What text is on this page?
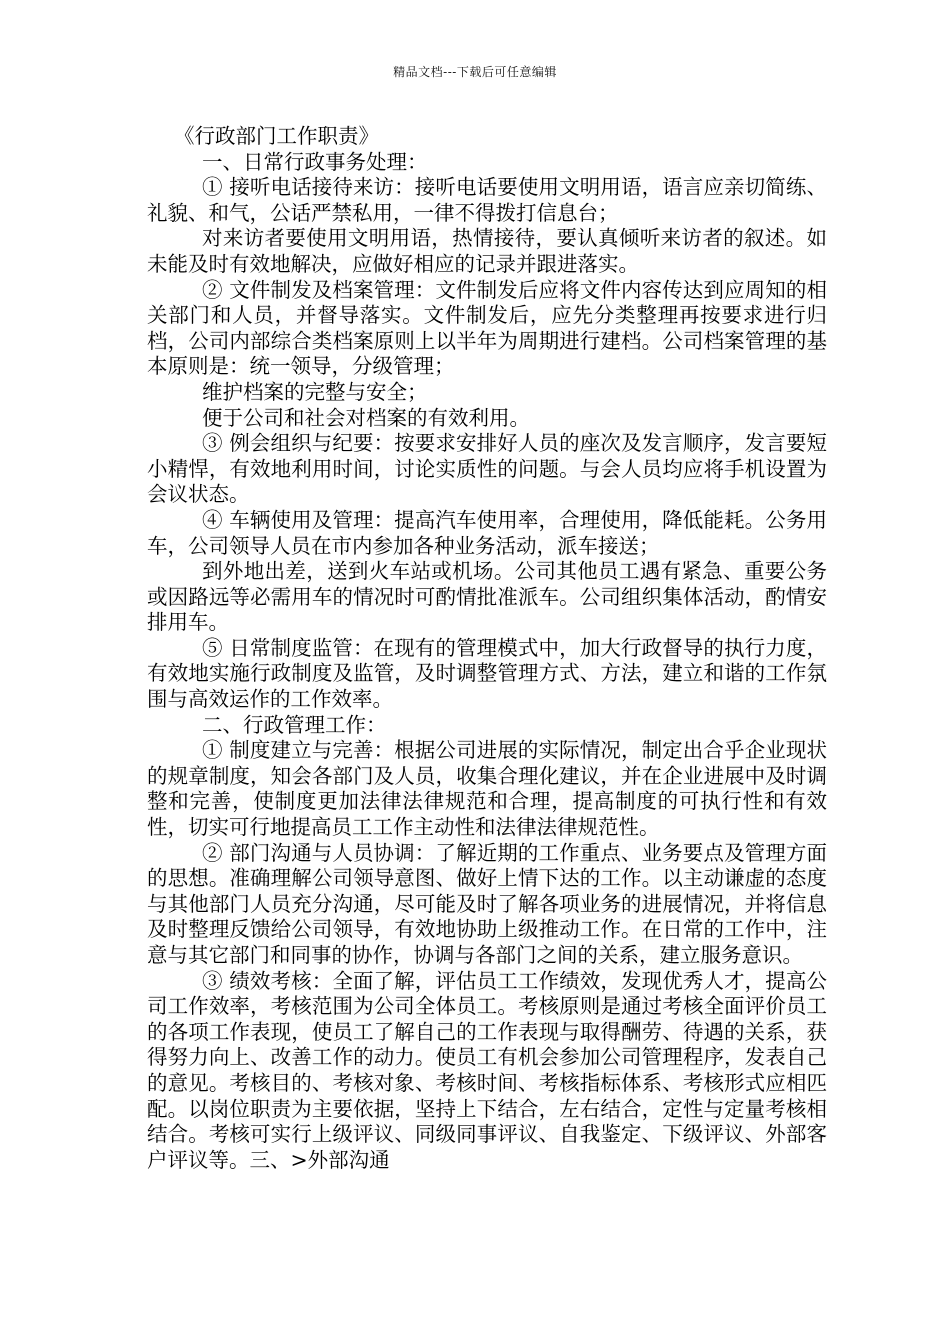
精品文档---下载后可任意编辑

《行政部门工作职责》

一、日常行政事务处理：

① 接听电话接待来访：接听电话要使用文明用语，语言应亲切简练、礼貌、和气，公话严禁私用，一律不得拨打信息台；

对来访者要使用文明用语，热情接待，要认真倾听来访者的叙述。如未能及时有效地解决，应做好相应的记录并跟进落实。

② 文件制发及档案管理：文件制发后应将文件内容传达到应周知的相关部门和人员，并督导落实。文件制发后，应先分类整理再按要求进行归档，公司内部综合类档案原则上以半年为周期进行建档。公司档案管理的基本原则是：统一领导，分级管理；

维护档案的完整与安全；

便于公司和社会对档案的有效利用。

③ 例会组织与纪要：按要求安排好人员的座次及发言顺序，发言要短小精悍，有效地利用时间，讨论实质性的问题。与会人员均应将手机设置为会议状态。

④ 车辆使用及管理：提高汽车使用率，合理使用，降低能耗。公务用车，公司领导人员在市内参加各种业务活动，派车接送；

到外地出差，送到火车站或机场。公司其他员工遇有紧急、重要公务或因路远等必需用车的情况时可酌情批准派车。公司组织集体活动，酌情安排用车。

⑤ 日常制度监管：在现有的管理模式中，加大行政督导的执行力度，有效地实施行政制度及监管，及时调整管理方式、方法，建立和谐的工作氛围与高效运作的工作效率。

二、行政管理工作：

① 制度建立与完善：根据公司进展的实际情况，制定出合乎企业现状的规章制度，知会各部门及人员，收集合理化建议，并在企业进展中及时调整和完善，使制度更加法律法律规范和合理，提高制度的可执行性和有效性，切实可行地提高员工工作主动性和法律法律规范性。

② 部门沟通与人员协调：了解近期的工作重点、业务要点及管理方面的思想。准确理解公司领导意图、做好上情下达的工作。以主动谦虚的态度与其他部门人员充分沟通，尽可能及时了解各项业务的进展情况，并将信息及时整理反馈给公司领导，有效地协助上级推动工作。在日常的工作中，注意与其它部门和同事的协作，协调与各部门之间的关系，建立服务意识。

③ 绩效考核：全面了解，评估员工工作绩效，发现优秀人才，提高公司工作效率，考核范围为公司全体员工。考核原则是通过考核全面评价员工的各项工作表现，使员工了解自己的工作表现与取得酬劳、待遇的关系，获得努力向上、改善工作的动力。使员工有机会参加公司管理程序，发表自己的意见。考核目的、考核对象、考核时间、考核指标体系、考核形式应相匹配。以岗位职责为主要依据，坚持上下结合，左右结合，定性与定量考核相结合。考核可实行上级评议、同级同事评议、自我鉴定、下级评议、外部客户评议等。三、>外部沟通
